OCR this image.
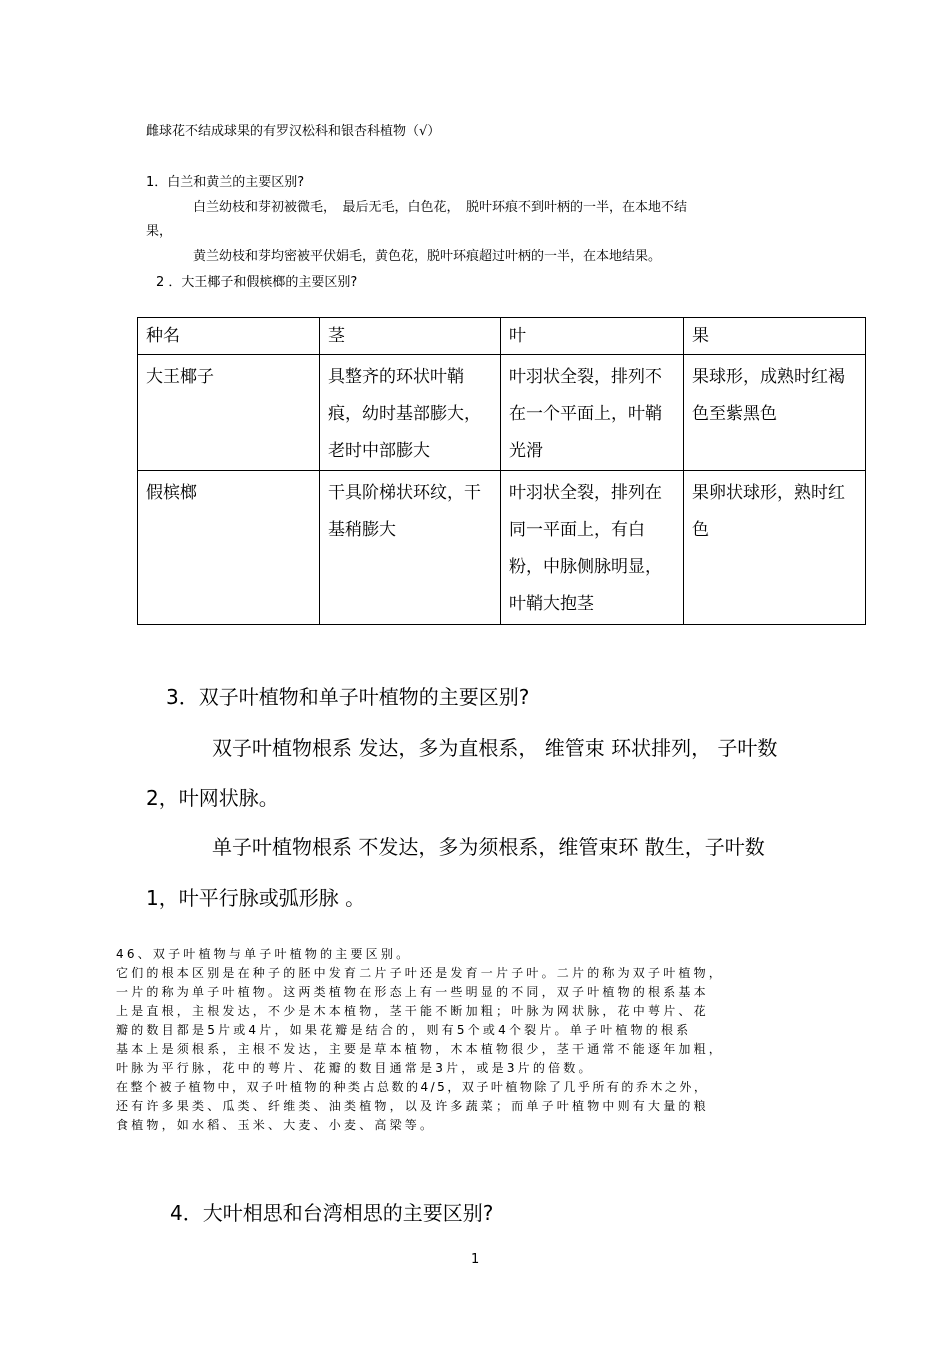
雌球花不结成球果的有罗汉松科和银杏科植物（√）
1．白兰和黄兰的主要区别?
白兰幼枝和芽初被微毛，　最后无毛，白色花，　脱叶环痕不到叶柄的一半，在本地不结
果，
黄兰幼枝和芽均密被平伏娟毛，黄色花，脱叶环痕超过叶柄的一半，在本地结果。
2 ．大王椰子和假槟榔的主要区别?
种名	茎	叶	果
大王椰子	具整齐的环状叶鞘痕，幼时基部膨大，老时中部膨大	叶羽状全裂，排列不在一个平面上，叶鞘光滑	果球形，成熟时红褐色至紫黑色
假槟榔	干具阶梯状环纹，干基稍膨大	叶羽状全裂，排列在同一平面上，有白粉，中脉侧脉明显，叶鞘大抱茎	果卵状球形，熟时红色
3．双子叶植物和单子叶植物的主要区别?
双子叶植物根系 发达，多为直根系， 维管束 环状排列， 子叶数
2，叶网状脉。
单子叶植物根系 不发达，多为须根系，维管束环 散生，子叶数
1，叶平行脉或弧形脉 。
46、双子叶植物与单子叶植物的主要区别。
它们的根本区别是在种子的胚中发育二片子叶还是发育一片子叶。二片的称为双子叶植物，
一片的称为单子叶植物。这两类植物在形态上有一些明显的不同，双子叶植物的根系基本
上是直根，主根发达，不少是木本植物，茎干能不断加粗；叶脉为网状脉，花中萼片、花
瓣的数目都是5片或4片，如果花瓣是结合的，则有5个或4个裂片。单子叶植物的根系
基本上是须根系，主根不发达，主要是草本植物，木本植物很少，茎干通常不能逐年加粗，
叶脉为平行脉，花中的萼片、花瓣的数目通常是3片，或是3片的倍数。
在整个被子植物中，双子叶植物的种类占总数的4/5，双子叶植物除了几乎所有的乔木之外，
还有许多果类、瓜类、纤维类、油类植物，以及许多蔬菜；而单子叶植物中则有大量的粮
食植物，如水稻、玉米、大麦、小麦、高梁等。
4．大叶相思和台湾相思的主要区别?
1
